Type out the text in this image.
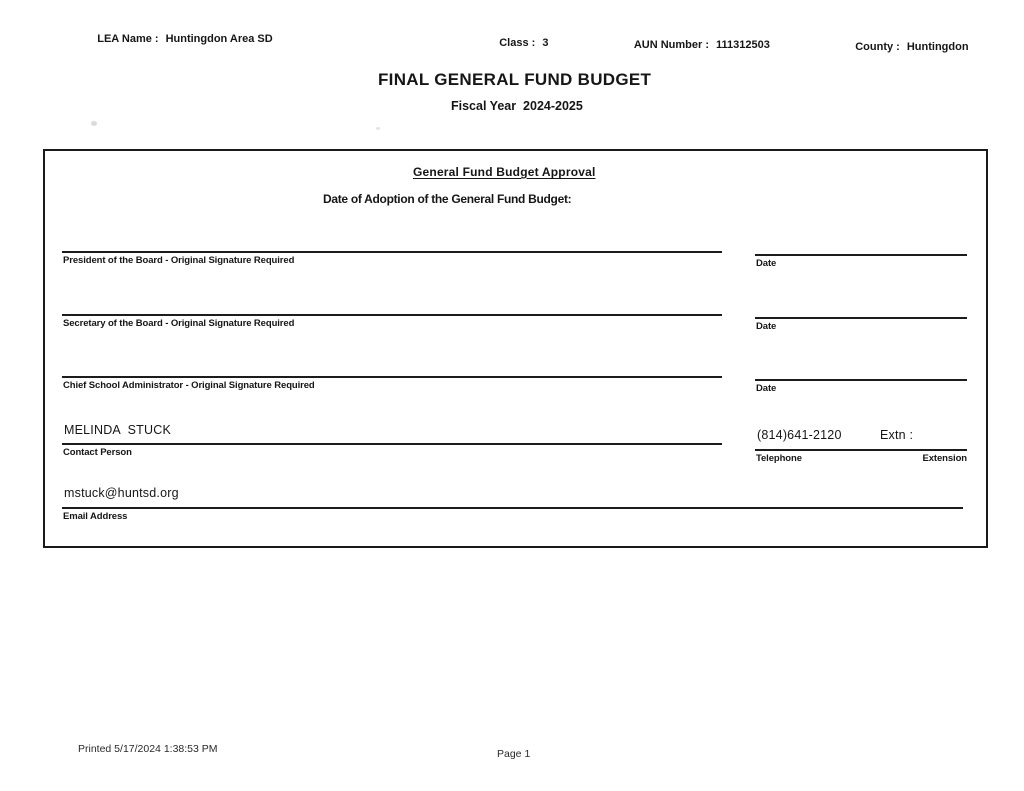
LEA Name : Huntingdon Area SD
	Class : 3
	AUN Number : 111312503
	County : Huntingdon

FINAL GENERAL FUND BUDGET
Fiscal Year  2024-2025
General Fund Budget Approval
Date of Adoption of the General Fund Budget:
President of the Board - Original Signature Required	Date
Secretary of the Board - Original Signature Required	Date
Chief School Administrator - Original Signature Required	Date
MELINDA  STUCK
Contact Person
(814)641-2120	Extn :
Telephone	Extension
mstuck@huntsd.org
Email Address
Printed 5/17/2024 1:38:53 PM	Page 1
